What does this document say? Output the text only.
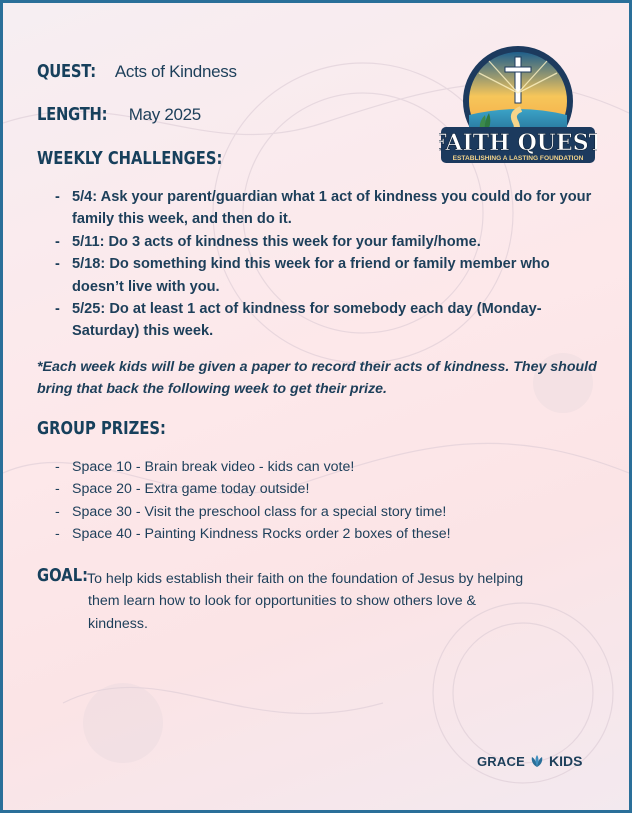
FAITH QUEST
ESTABLISHING A LASTING FOUNDATION
QUEST: Acts of Kindness
LENGTH: May 2025
WEEKLY CHALLENGES:
- 5/4: Ask your parent/guardian what 1 act of kindness you could do for your family this week, and then do it.
- 5/11: Do 3 acts of kindness this week for your family/home.
- 5/18: Do something kind this week for a friend or family member who doesn’t live with you.
- 5/25: Do at least 1 act of kindness for somebody each day (Monday-Saturday) this week.
*Each week kids will be given a paper to record their acts of kindness. They should bring that back the following week to get their prize.
GROUP PRIZES:
- Space 10 - Brain break video - kids can vote!
- Space 20 - Extra game today outside!
- Space 30 - Visit the preschool class for a special story time!
- Space 40 - Painting Kindness Rocks order 2 boxes of these!
GOAL:
To help kids establish their faith on the foundation of Jesus by helping
them learn how to look for opportunities to show others love &
kindness.
GRACE KIDS
